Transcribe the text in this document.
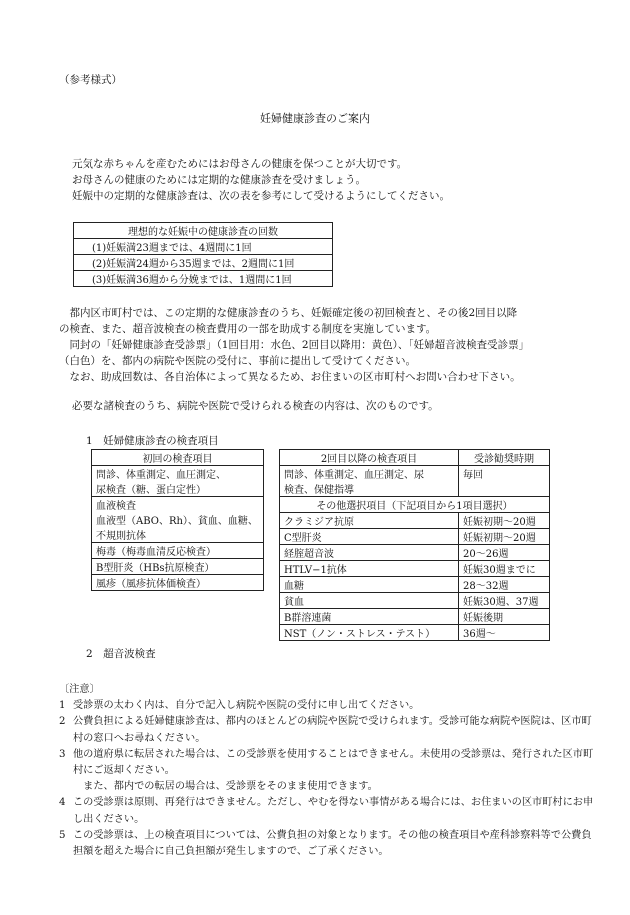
（参考様式）
妊婦健康診査のご案内
元気な赤ちゃんを産むためにはお母さんの健康を保つことが大切です。
お母さんの健康のためには定期的な健康診査を受けましょう。
妊娠中の定期的な健康診査は、次の表を参考にして受けるようにしてください。
理想的な妊娠中の健康診査の回数
(1)妊娠満23週までは、4週間に1回
(2)妊娠満24週から35週までは、2週間に1回
(3)妊娠満36週から分娩までは、1週間に1回
　都内区市町村では、この定期的な健康診査のうち、妊娠確定後の初回検査と、その後2回目以降
の検査、また、超音波検査の検査費用の一部を助成する制度を実施しています。
　同封の「妊婦健康診査受診票」（1回目用：水色、2回目以降用：黄色）、「妊婦超音波検査受診票」
（白色）を、都内の病院や医院の受付に、事前に提出して受けてください。
　なお、助成回数は、各自治体によって異なるため、お住まいの区市町村へお問い合わせ下さい。
必要な諸検査のうち、病院や医院で受けられる検査の内容は、次のものです。
1　妊婦健康診査の検査項目
初回の検査項目

問診、体重測定、血圧測定、
尿検査（糖、蛋白定性）

血液検査
血液型（ABO、Rh）、貧血、血糖、
不規則抗体

梅毒（梅毒血清反応検査）
B型肝炎（HBs抗原検査）
風疹（風疹抗体価検査）
2回目以降の検査項目	受診勧奨時期

問診、体重測定、血圧測定、尿
検査、保健指導	毎回
その他選択項目（下記項目から1項目選択）	
クラミジア抗原	妊娠初期〜20週
C型肝炎	妊娠初期〜20週
経腟超音波	20〜26週
HTLV−1抗体	妊娠30週までに
血糖	28〜32週
貧血	妊娠30週、37週
B群溶連菌	妊娠後期
NST（ノン・ストレス・テスト）	36週〜
2　超音波検査
〔注意〕
1 受診票の太わく内は、自分で記入し病院や医院の受付に申し出てください。
2 公費負担による妊婦健康診査は、都内のほとんどの病院や医院で受けられます。受診可能な病院や医院は、区市町村の窓口へお尋ねください。
3 他の道府県に転居された場合は、この受診票を使用することはできません。未使用の受診票は、発行された区市町村にご返却ください。
　また、都内での転居の場合は、受診票をそのまま使用できます。
4 この受診票は原則、再発行はできません。ただし、やむを得ない事情がある場合には、お住まいの区市町村にお申し出ください。
5 この受診票は、上の検査項目については、公費負担の対象となります。その他の検査項目や産科診察料等で公費負担額を超えた場合に自己負担額が発生しますので、ご了承ください。
